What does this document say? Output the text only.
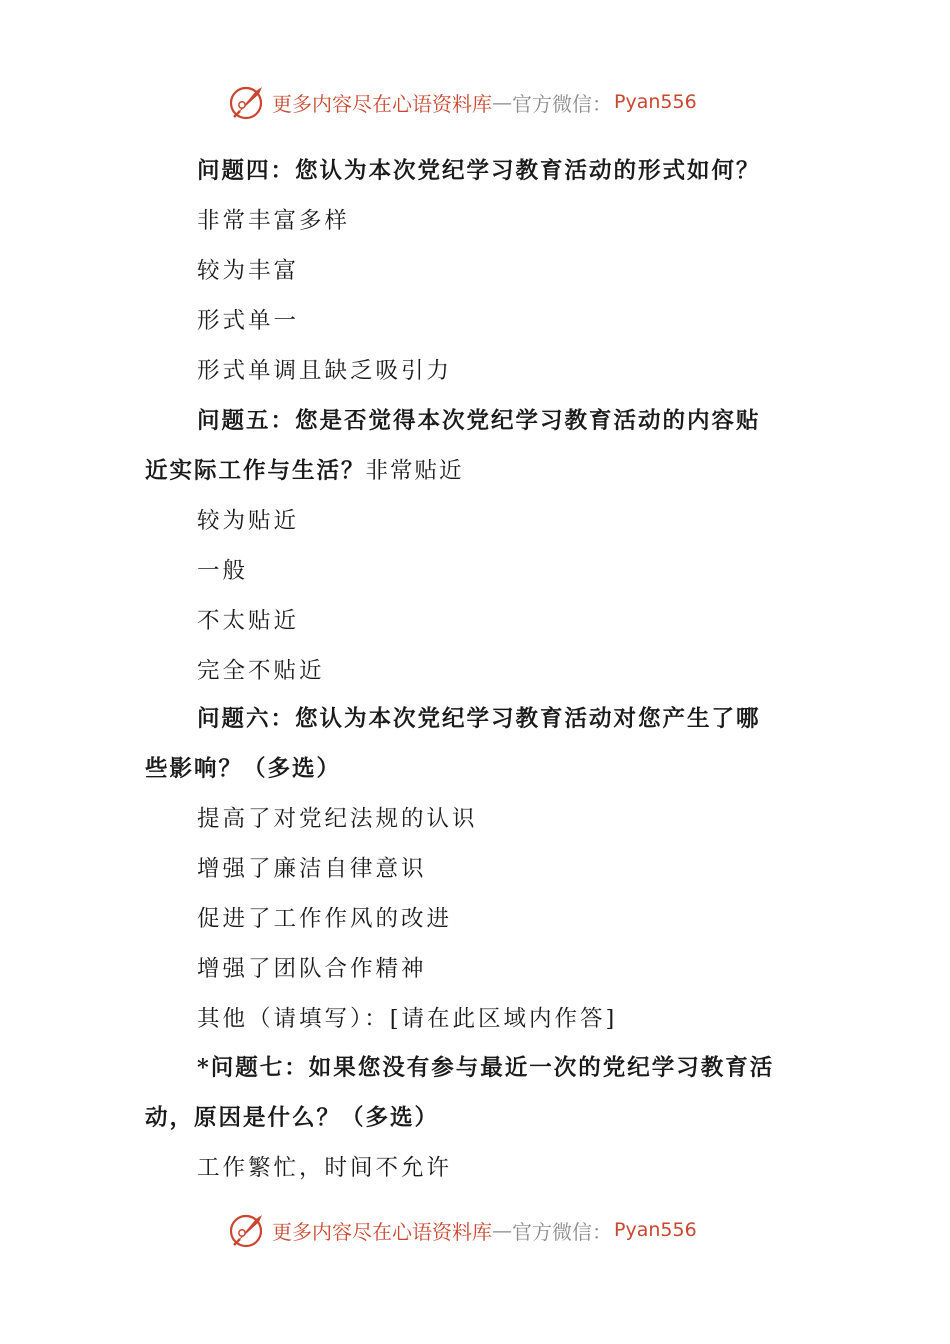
更多内容尽在心语资料库 — 官方微信： Pyan556
问题四：您认为本次党纪学习教育活动的形式如何？
非常丰富多样
较为丰富
形式单一
形式单调且缺乏吸引力
问题五：您是否觉得本次党纪学习教育活动的内容贴
近实际工作与生活？非常贴近
较为贴近
一般
不太贴近
完全不贴近
问题六：您认为本次党纪学习教育活动对您产生了哪
些影响？（多选）
提高了对党纪法规的认识
增强了廉洁自律意识
促进了工作作风的改进
增强了团队合作精神
其他（请填写）：[请在此区域内作答]
*问题七：如果您没有参与最近一次的党纪学习教育活
动，原因是什么？（多选）
工作繁忙，时间不允许
更多内容尽在心语资料库 — 官方微信： Pyan556
